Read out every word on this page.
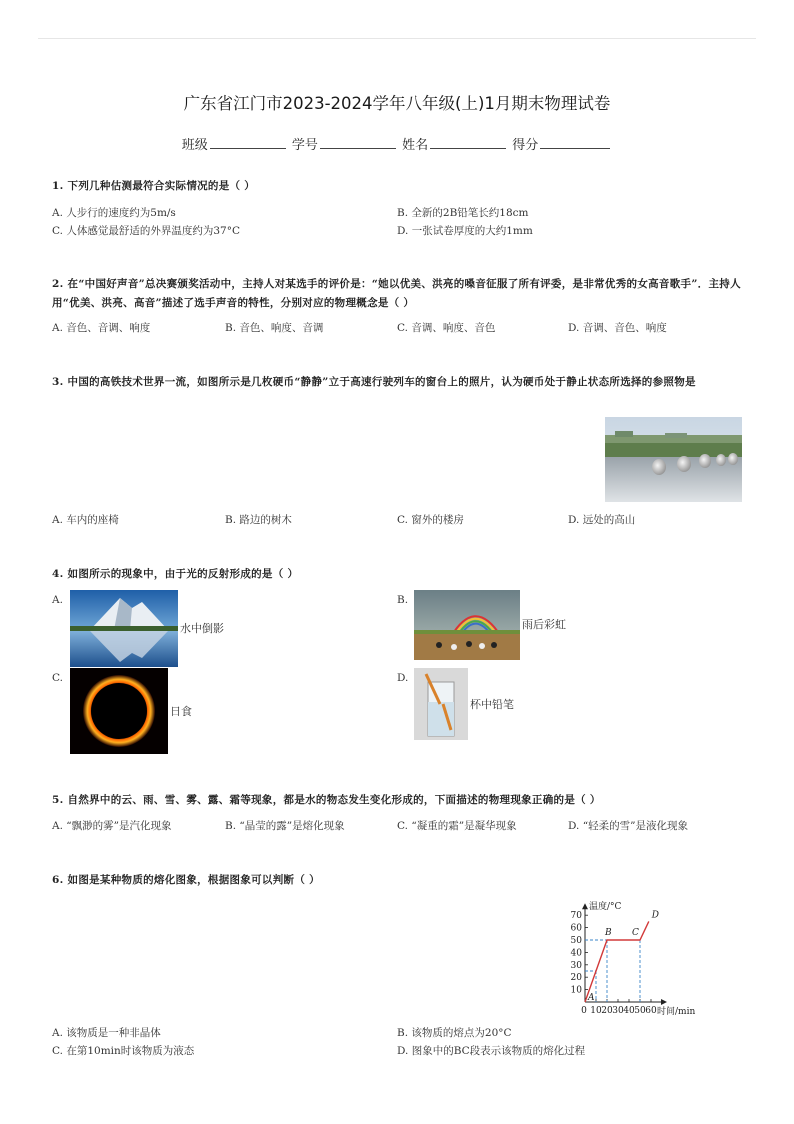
广东省江门市2023-2024学年八年级(上)1月期末物理试卷
班级	学号	姓名	得分
1. 下列几种估测最符合实际情况的是（ ）
A. 人步行的速度约为5m/s	B. 全新的2B铅笔长约18cm
C. 人体感觉最舒适的外界温度约为37°C	D. 一张试卷厚度的大约1mm
2. 在“中国好声音”总决赛颁奖活动中，主持人对某选手的评价是：“她以优美、洪亮的嗓音征服了所有评委，是非常优秀的女高音歌手”．主持人用“优美、洪亮、高音”描述了选手声音的特性，分别对应的物理概念是（ ）
A. 音色、音调、响度	B. 音色、响度、音调	C. 音调、响度、音色	D. 音调、音色、响度
3. 中国的高铁技术世界一流，如图所示是几枚硬币“静静”立于高速行驶列车的窗台上的照片，认为硬币处于静止状态所选择的参照物是
A. 车内的座椅	B. 路边的树木	C. 窗外的楼房	D. 远处的高山
4. 如图所示的现象中，由于光的反射形成的是（ ）
A.
水中倒影
B.
雨后彩虹
C.
日食
D.
杯中铅笔
5. 自然界中的云、雨、雪、雾、露、霜等现象，都是水的物态发生变化形成的，下面描述的物理现象正确的是（ ）
A. “飘渺的雾”是汽化现象	B. “晶莹的露”是熔化现象	C. “凝重的霜”是凝华现象	D. “轻柔的雪”是液化现象
6. 如图是某种物质的熔化图象，根据图象可以判断（ ）
温度/°C
时间/min
0 10 20 30 40 50 60
10
20
30
40
50
60
70
A
B C
D
A. 该物质是一种非晶体	B. 该物质的熔点为20°C
C. 在第10min时该物质为液态	D. 图象中的BC段表示该物质的熔化过程
